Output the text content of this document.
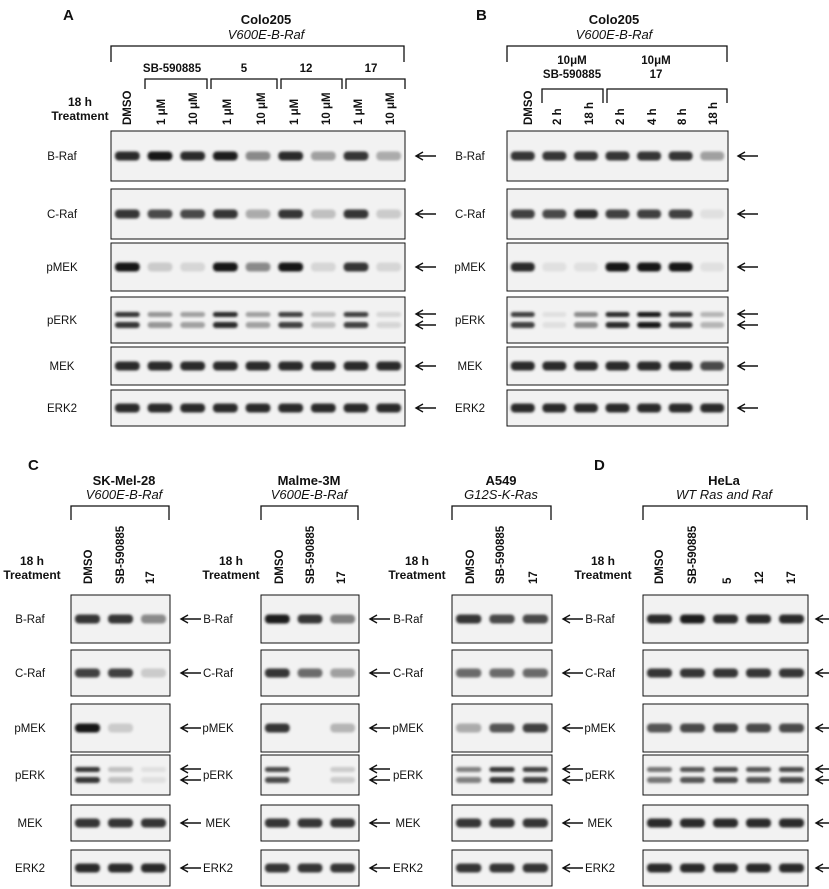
A	Colo205
V600E-B-Raf
SB-590885	5	12	17
18 h
Treatment DMSO 1 μM 10 μM 1 μM 10 μM 1 μM 10 μM 1 μM 10 μM
B-Raf
C-Raf
pMEK
pERK
MEK
ERK2
B	Colo205
V600E-B-Raf
10μM
SB-590885
10μM
17
DMSO 2 h 18 h 2 h 4 h 8 h 18 h
B-Raf
C-Raf
pMEK
pERK
MEK
ERK2
C
SK-Mel-28
V600E-B-Raf
18 h
Treatment DMSO SB-590885 17
B-Raf
C-Raf
pMEK
pERK
MEK
ERK2
Malme-3M
V600E-B-Raf
18 h
Treatment DMSO SB-590885 17
B-Raf
C-Raf
pMEK
pERK
MEK
ERK2
A549
G12S-K-Ras
18 h
Treatment DMSO SB-590885 17
B-Raf
C-Raf
pMEK
pERK
MEK
ERK2
D
HeLa
WT Ras and Raf
18 h
Treatment DMSO SB-590885 5 12 17
B-Raf
C-Raf
pMEK
pERK
MEK
ERK2
